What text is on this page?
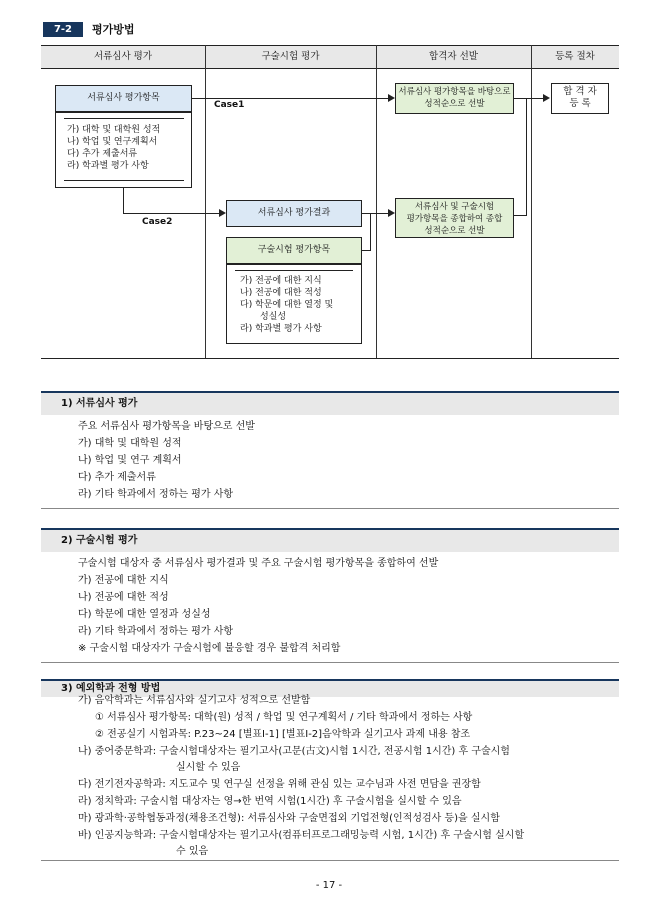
7-2	평가방법
서류심사 평가	구술시험 평가	합격자 선발	등록 절차
서류심사 평가항목
가) 대학 및 대학원 성적
나) 학업 및 연구계획서
다) 추가 제출서류
라) 학과별 평가 사항
Case1
Case2
서류심사 평가결과
구술시험 평가항목
가) 전공에 대한 지식
나) 전공에 대한 적성
다) 학문에 대한 열정 및
성실성
라) 학과별 평가 사항
서류심사 평가항목을 바탕으로
성적순으로 선발
서류심사 및 구술시험
평가항목을 종합하여 종합
성적순으로 선발
합 격 자
등 록
1) 서류심사 평가
주요 서류심사 평가항목을 바탕으로 선발
가) 대학 및 대학원 성적
나) 학업 및 연구 계획서
다) 추가 제출서류
라) 기타 학과에서 정하는 평가 사항
2) 구술시험 평가
구술시험 대상자 중 서류심사 평가결과 및 주요 구술시험 평가항목을 종합하여 선발
가) 전공에 대한 지식
나) 전공에 대한 적성
다) 학문에 대한 열정과 성실성
라) 기타 학과에서 정하는 평가 사항
※ 구술시험 대상자가 구술시험에 불응할 경우 불합격 처리함
3) 예외학과 전형 방법
가) 음악학과는 서류심사와 실기고사 성적으로 선발함
① 서류심사 평가항목: 대학(원) 성적 / 학업 및 연구계획서 / 기타 학과에서 정하는 사항
② 전공실기 시험과목: P.23~24 [별표Ⅰ-1] [별표Ⅰ-2]음악학과 실기고사 과제 내용 참조
나) 중어중문학과: 구술시험대상자는 필기고사(고문(古文)시험 1시간, 전공시험 1시간) 후 구술시험
실시할 수 있음
다) 전기전자공학과: 지도교수 및 연구실 선정을 위해 관심 있는 교수님과 사전 면담을 권장함
라) 정치학과: 구술시험 대상자는 영→한 번역 시험(1시간) 후 구술시험을 실시할 수 있음
마) 광과학·공학협동과정(채용조건형): 서류심사와 구술면접외 기업전형(인적성검사 등)을 실시함
바) 인공지능학과: 구술시험대상자는 필기고사(컴퓨터프로그래밍능력 시험, 1시간) 후 구술시험 실시할
수 있음
- 17 -
